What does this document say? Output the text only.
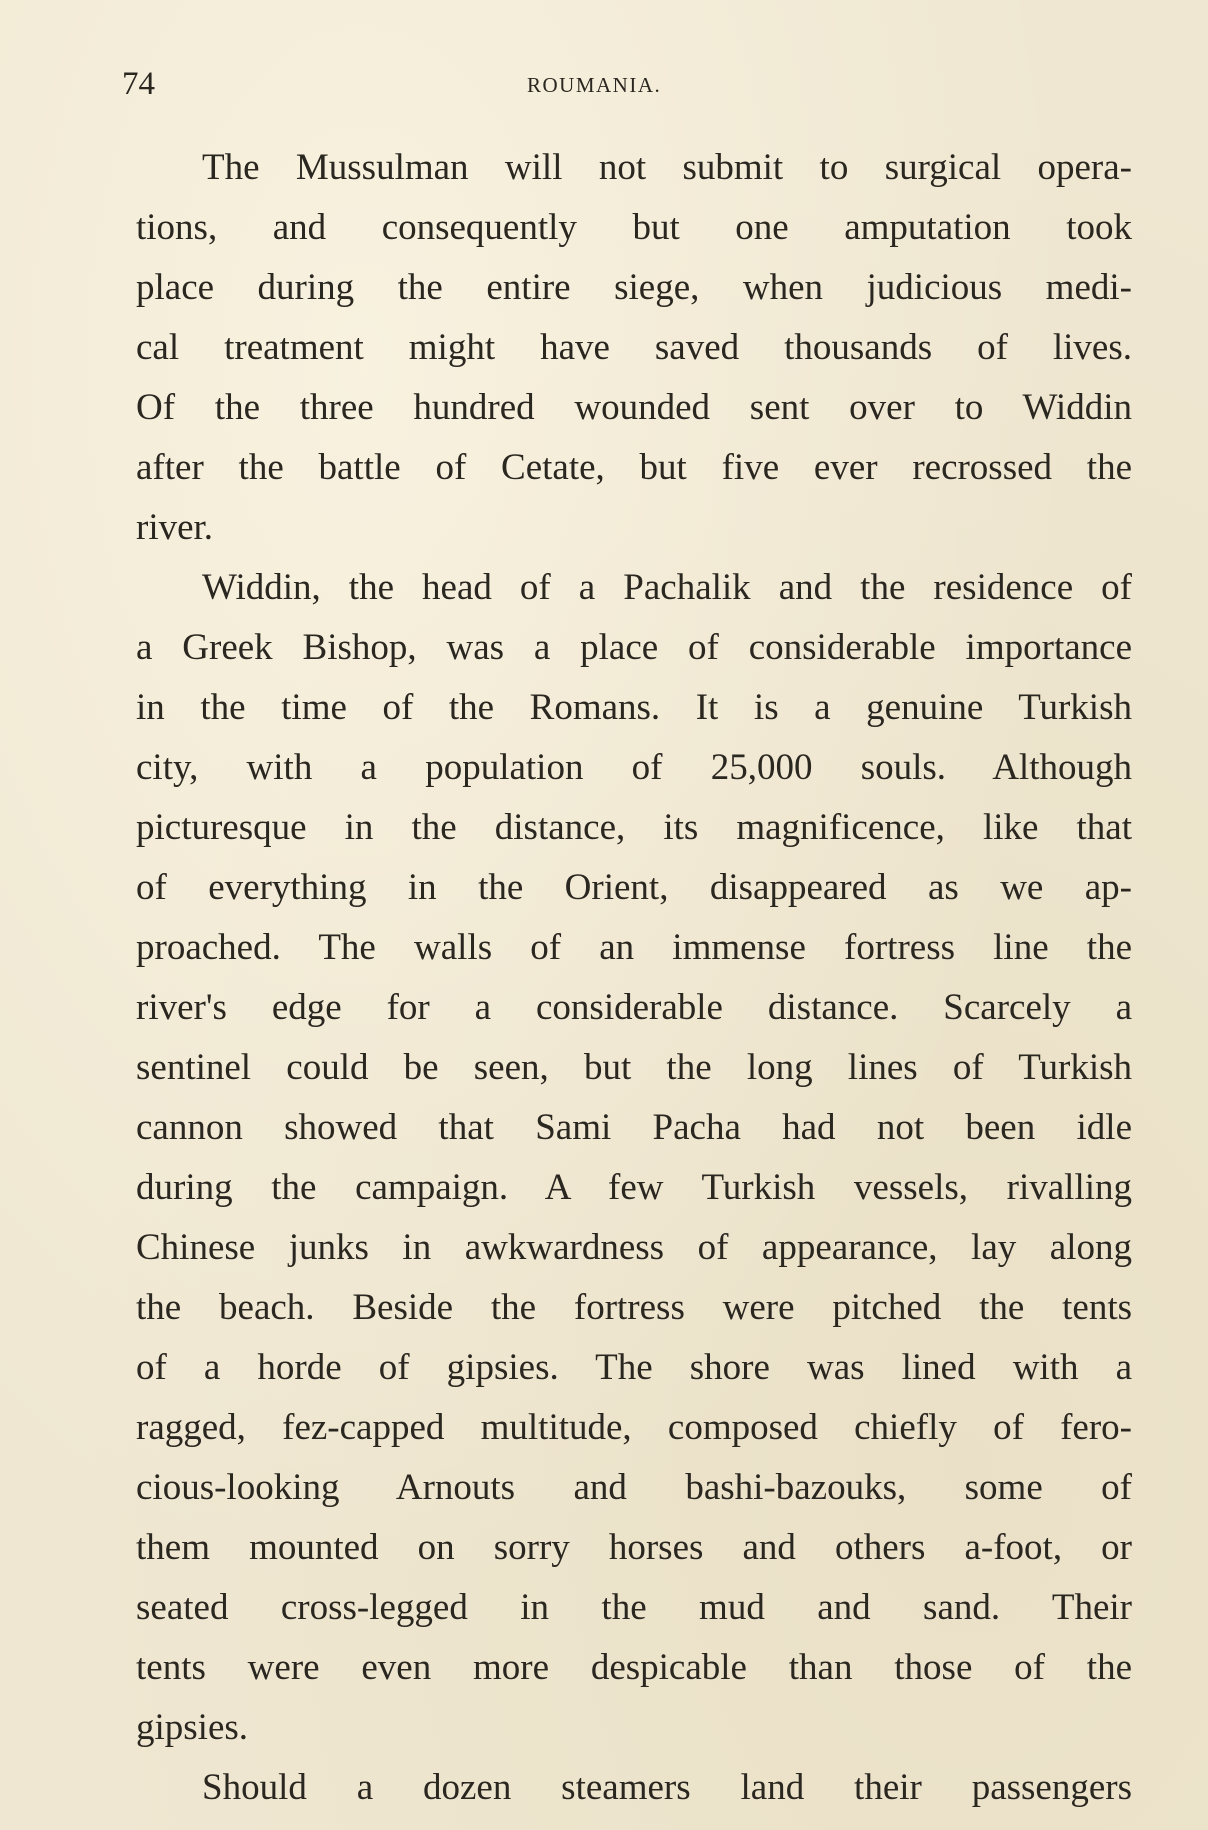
74	ROUMANIA.
The Mussulman will not submit to surgical opera-
tions, and consequently but one amputation took
place during the entire siege, when judicious medi-
cal treatment might have saved thousands of lives.
Of the three hundred wounded sent over to Widdin
after the battle of Cetate, but five ever recrossed the
river.
Widdin, the head of a Pachalik and the residence of
a Greek Bishop, was a place of considerable importance
in the time of the Romans. It is a genuine Turkish
city, with a population of 25,000 souls. Although
picturesque in the distance, its magnificence, like that
of everything in the Orient, disappeared as we ap-
proached. The walls of an immense fortress line the
river's edge for a considerable distance. Scarcely a
sentinel could be seen, but the long lines of Turkish
cannon showed that Sami Pacha had not been idle
during the campaign. A few Turkish vessels, rivalling
Chinese junks in awkwardness of appearance, lay along
the beach. Beside the fortress were pitched the tents
of a horde of gipsies. The shore was lined with a
ragged, fez-capped multitude, composed chiefly of fero-
cious-looking Arnouts and bashi-bazouks, some of
them mounted on sorry horses and others a-foot, or
seated cross-legged in the mud and sand. Their
tents were even more despicable than those of the
gipsies.
Should a dozen steamers land their passengers
